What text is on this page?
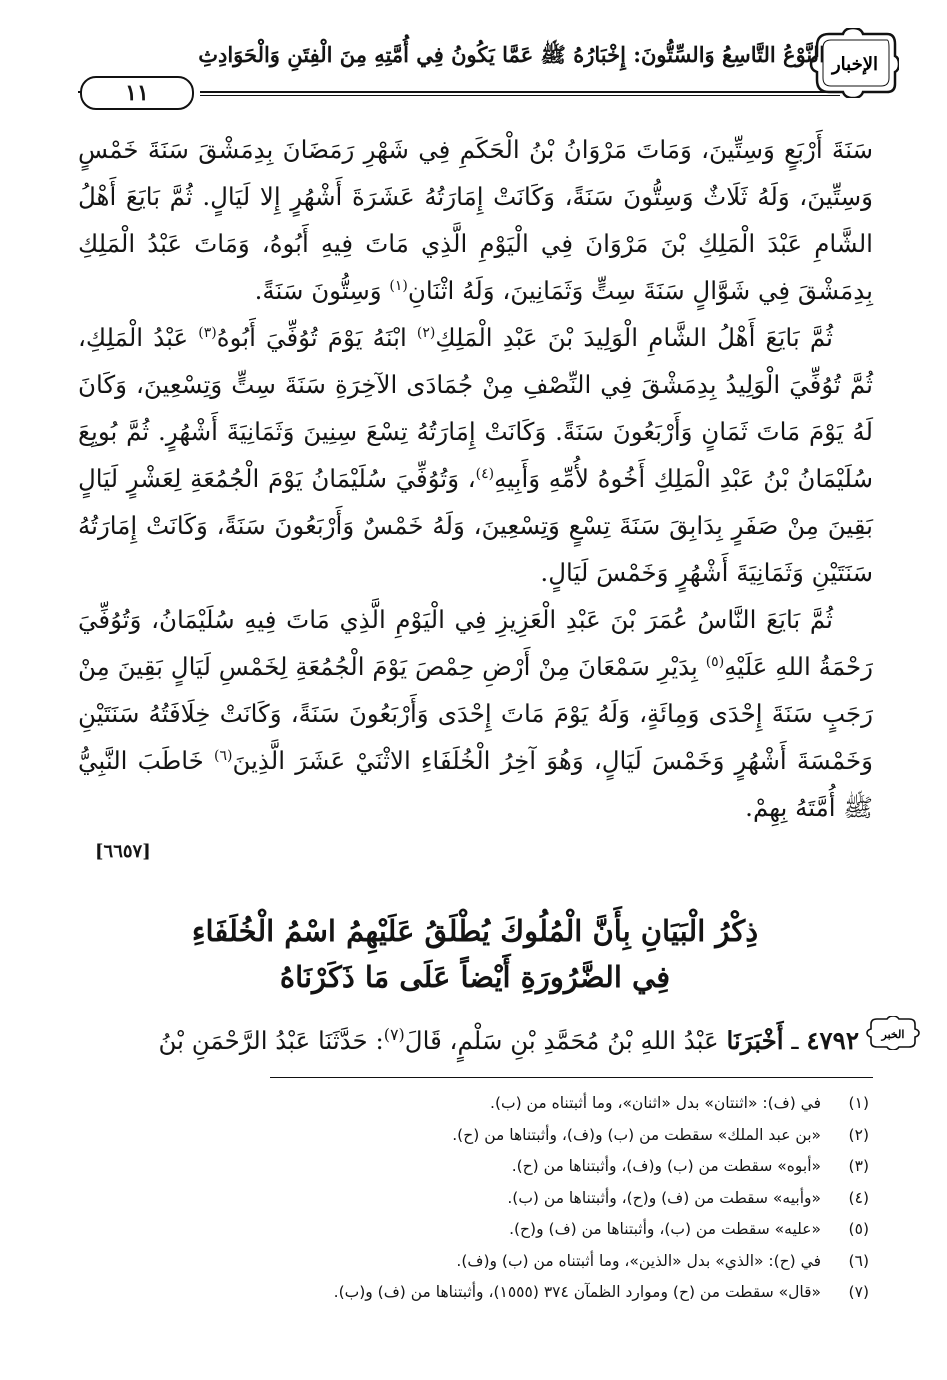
الإخبار
النَّوْعُ التَّاسِعُ وَالسِّتُّونَ: إِخْبَارُهُ ﷺ عَمَّا يَكُونُ فِي أُمَّتِهِ مِنَ الْفِتَنِ وَالْحَوَادِثِ
١١

سَنَةَ أَرْبَعٍ وَسِتِّينَ، وَمَاتَ مَرْوَانُ بْنُ الْحَكَمِ فِي شَهْرِ رَمَضَانَ بِدِمَشْقَ سَنَةَ خَمْسٍ وَسِتِّينَ، وَلَهُ ثَلَاثٌ وَسِتُّونَ سَنَةً، وَكَانَتْ إِمَارَتُهُ عَشَرَةَ أَشْهُرٍ إِلا لَيَالٍ. ثُمَّ بَايَعَ أَهْلُ الشَّامِ عَبْدَ الْمَلِكِ بْنَ مَرْوَانَ فِي الْيَوْمِ الَّذِي مَاتَ فِيهِ أَبُوهُ، وَمَاتَ عَبْدُ الْمَلِكِ بِدِمَشْقَ فِي شَوَّالٍ سَنَةَ سِتٍّ وَثَمَانِينَ، وَلَهُ اثْنَانِ$^{(١)}$ وَسِتُّونَ سَنَةً.

ثُمَّ بَايَعَ أَهْلُ الشَّامِ الْوَلِيدَ بْنَ عَبْدِ الْمَلِكِ$^{(٢)}$ ابْنَهُ يَوْمَ تُوُفِّيَ أَبُوهُ$^{(٣)}$ عَبْدُ الْمَلِكِ، ثُمَّ تُوُفِّيَ الْوَلِيدُ بِدِمَشْقَ فِي النِّصْفِ مِنْ جُمَادَى الآخِرَةِ سَنَةَ سِتٍّ وَتِسْعِينَ، وَكَانَ لَهُ يَوْمَ مَاتَ ثَمَانٍ وَأَرْبَعُونَ سَنَةً. وَكَانَتْ إِمَارَتُهُ تِسْعَ سِنِينَ وَثَمَانِيَةَ أَشْهُرٍ. ثُمَّ بُويِعَ سُلَيْمَانُ بْنُ عَبْدِ الْمَلِكِ أَخُوهُ لأُمِّهِ وَأَبِيهِ$^{(٤)}$، وَتُوُفِّيَ سُلَيْمَانُ يَوْمَ الْجُمُعَةِ لِعَشْرٍ لَيَالٍ بَقِينَ مِنْ صَفَرٍ بِدَابِقَ سَنَةَ تِسْعٍ وَتِسْعِينَ، وَلَهُ خَمْسٌ وَأَرْبَعُونَ سَنَةً، وَكَانَتْ إِمَارَتُهُ سَنَتَيْنِ وَثَمَانِيَةَ أَشْهُرٍ وَخَمْسَ لَيَالٍ.

ثُمَّ بَايَعَ النَّاسُ عُمَرَ بْنَ عَبْدِ الْعَزِيزِ فِي الْيَوْمِ الَّذِي مَاتَ فِيهِ سُلَيْمَانُ، وَتُوُفِّيَ رَحْمَةُ اللهِ عَلَيْهِ$^{(٥)}$ بِدَيْرِ سَمْعَانَ مِنْ أَرْضِ حِمْصَ يَوْمَ الْجُمُعَةِ لِخَمْسِ لَيَالٍ بَقِينَ مِنْ رَجَبٍ سَنَةَ إِحْدَى وَمِائَةٍ، وَلَهُ يَوْمَ مَاتَ إِحْدَى وَأَرْبَعُونَ سَنَةً، وَكَانَتْ خِلَافَتُهُ سَنَتَيْنِ وَخَمْسَةَ أَشْهُرٍ وَخَمْسَ لَيَالٍ، وَهُوَ آخِرُ الْخُلَفَاءِ الاثْنَيْ عَشَرَ الَّذِينَ$^{(٦)}$ خَاطَبَ النَّبِيُّ ﷺ أُمَّتَهُ بِهِمْ.

[٦٦٥٧]
ذِكْرُ الْبَيَانِ بِأَنَّ الْمُلُوكَ يُطْلَقُ عَلَيْهِمُ اسْمُ الْخُلَفَاءِ
فِي الضَّرُورَةِ أَيْضاً عَلَى مَا ذَكَرْنَاهُ
الخبر
٤٧٩٢ ـ أَخْبَرَنَا عَبْدُ اللهِ بْنُ مُحَمَّدِ بْنِ سَلْمٍ، قَالَ$^{(٧)}$: حَدَّثَنَا عَبْدُ الرَّحْمَنِ بْنُ
(١)
في (ف): «اثنتان» بدل «اثنان»، وما أثبتناه من (ب).
(٢)
«بن عبد الملك» سقطت من (ب) و(ف)، وأثبتناها من (ح).
(٣)
«أبوه» سقطت من (ب) و(ف)، وأثبتناها من (ح).
(٤)
«وأبيه» سقطت من (ف) و(ح)، وأثبتناها من (ب).
(٥)
«عليه» سقطت من (ب)، وأثبتناها من (ف) و(ح).
(٦)
في (ح): «الذي» بدل «الذين»، وما أثبتناه من (ب) و(ف).
(٧)
«قال» سقطت من (ح) وموارد الظمآن ٣٧٤ (١٥٥٥)، وأثبتناها من (ف) و(ب).
